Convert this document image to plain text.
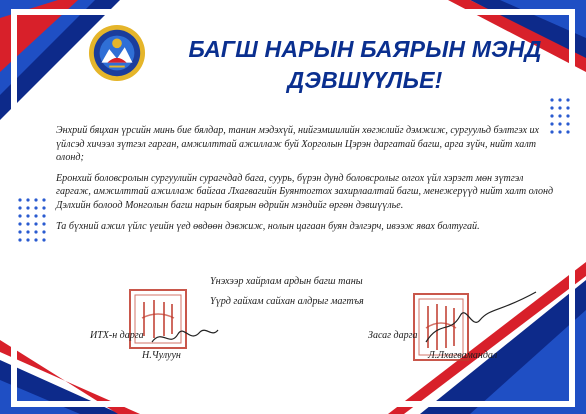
БАГШ НАРЫН БАЯРЫН МЭНД
ДЭВШҮҮЛЬЕ!

Энхрий бяцхан үрсийн минь бие бялдар, танин мэдэхүй, нийгэмшилийн хөгжлийг дэмжиж, сургуульд бэлтгэх их үйлсэд хичээл зүтгэл гарган, амжилттай ажиллаж буй Хорголын Цэрэн даргатай багш, арга зүйч, нийт халт олонд;

Еронхий боловсролын сургуулийн сурагчдад бага, суурь, бүрэн дунд боловсролыг олгох үйл хэрэгт мөн зүтгэл гаргаж, амжилттай ажиллаж байгаа Лхагвагийн Буянтогтох захирлаалтай багш, менежерүүд нийт халт олонд Дэлхийн болоод Монголын багш нарын баярын өдрийн мэндийг өргөн дэвшүүлье.

Та бүхний ажил үйлс үеийн үед өвдөөн дэвжиж, нолын цагаан буян дэлгэрч, ивээж явах болтугай.

Үнэхээр хайрлам ардын багш таны
Үүрд гайхам сайхан алдрыг магтъя
ИТХ-н дарга
Н.Чулуун
Засаг дарга
Л.Лхагвамандал
